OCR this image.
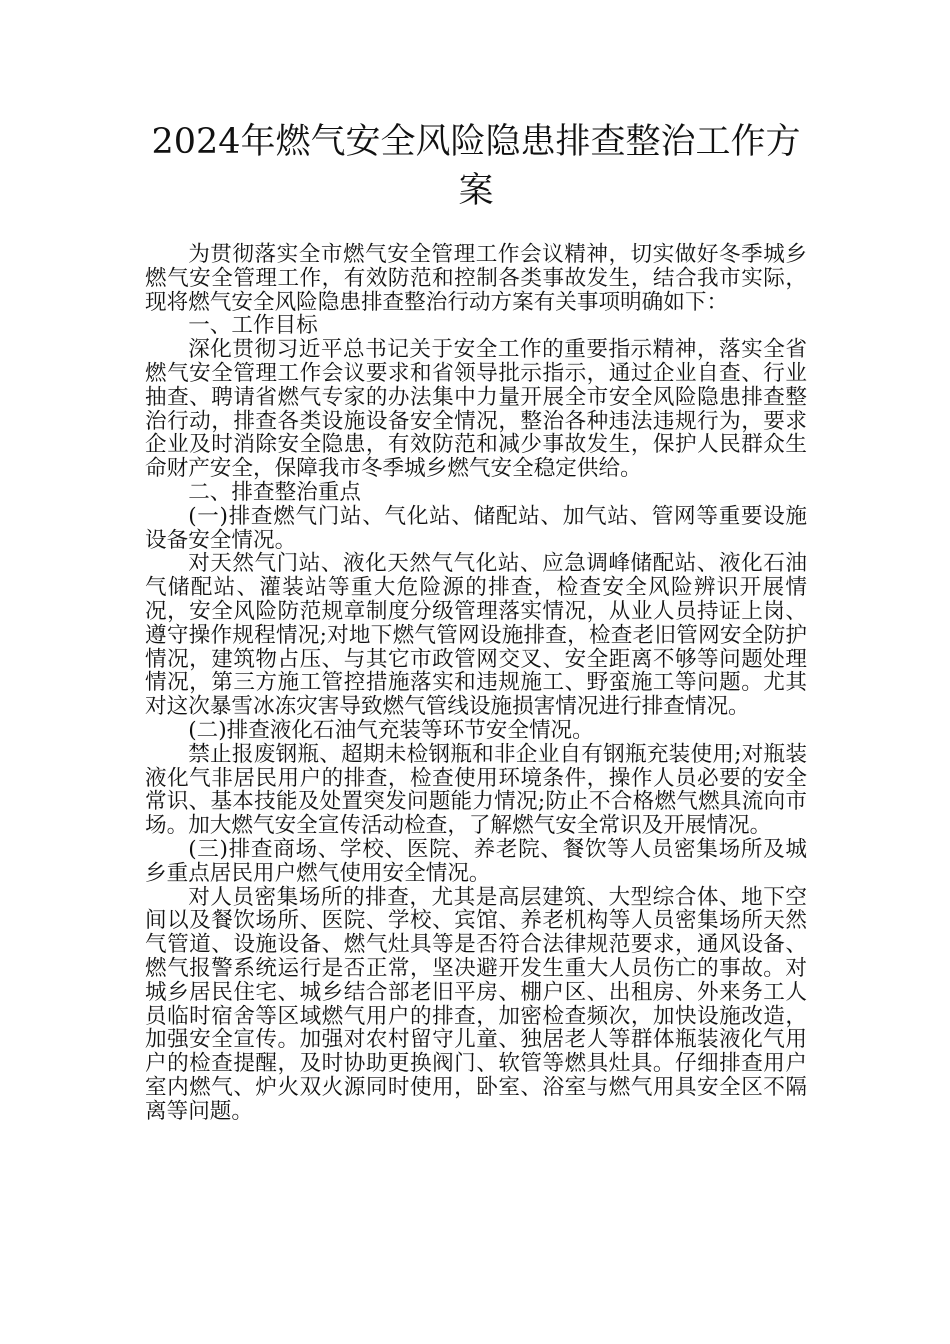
2024年燃气安全风险隐患排查整治工作方案

为贯彻落实全市燃气安全管理工作会议精神，切实做好冬季城乡燃气安全管理工作，有效防范和控制各类事故发生，结合我市实际，现将燃气安全风险隐患排查整治行动方案有关事项明确如下：

一、工作目标

深化贯彻习近平总书记关于安全工作的重要指示精神，落实全省燃气安全管理工作会议要求和省领导批示指示，通过企业自查、行业抽查、聘请省燃气专家的办法集中力量开展全市安全风险隐患排查整治行动，排查各类设施设备安全情况，整治各种违法违规行为，要求企业及时消除安全隐患，有效防范和减少事故发生，保护人民群众生命财产安全，保障我市冬季城乡燃气安全稳定供给。

二、排查整治重点

(一)排查燃气门站、气化站、储配站、加气站、管网等重要设施设备安全情况。

对天然气门站、液化天然气气化站、应急调峰储配站、液化石油气储配站、灌装站等重大危险源的排查，检查安全风险辨识开展情况，安全风险防范规章制度分级管理落实情况，从业人员持证上岗、遵守操作规程情况;对地下燃气管网设施排查，检查老旧管网安全防护情况，建筑物占压、与其它市政管网交叉、安全距离不够等问题处理情况，第三方施工管控措施落实和违规施工、野蛮施工等问题。尤其对这次暴雪冰冻灾害导致燃气管线设施损害情况进行排查情况。

(二)排查液化石油气充装等环节安全情况。

禁止报废钢瓶、超期未检钢瓶和非企业自有钢瓶充装使用;对瓶装液化气非居民用户的排查，检查使用环境条件，操作人员必要的安全常识、基本技能及处置突发问题能力情况;防止不合格燃气燃具流向市场。加大燃气安全宣传活动检查，了解燃气安全常识及开展情况。

(三)排查商场、学校、医院、养老院、餐饮等人员密集场所及城乡重点居民用户燃气使用安全情况。

对人员密集场所的排查，尤其是高层建筑、大型综合体、地下空间以及餐饮场所、医院、学校、宾馆、养老机构等人员密集场所天然气管道、设施设备、燃气灶具等是否符合法律规范要求，通风设备、燃气报警系统运行是否正常，坚决避开发生重大人员伤亡的事故。对城乡居民住宅、城乡结合部老旧平房、棚户区、出租房、外来务工人员临时宿舍等区域燃气用户的排查，加密检查频次，加快设施改造，加强安全宣传。加强对农村留守儿童、独居老人等群体瓶装液化气用户的检查提醒，及时协助更换阀门、软管等燃具灶具。仔细排查用户室内燃气、炉火双火源同时使用，卧室、浴室与燃气用具安全区不隔离等问题。
